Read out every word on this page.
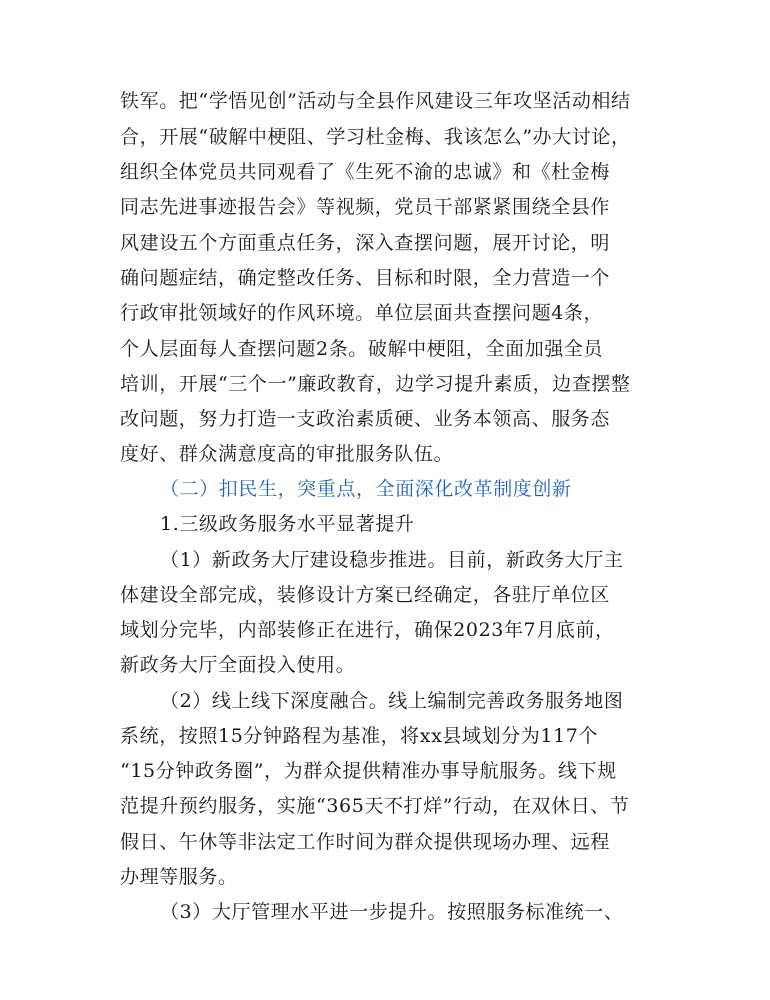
铁军。把“学悟见创”活动与全县作风建设三年攻坚活动相结
合，开展“破解中梗阻、学习杜金梅、我该怎么”办大讨论，
组织全体党员共同观看了《生死不渝的忠诚》和《杜金梅
同志先进事迹报告会》等视频，党员干部紧紧围绕全县作
风建设五个方面重点任务，深入查摆问题，展开讨论，明
确问题症结，确定整改任务、目标和时限，全力营造一个
行政审批领域好的作风环境。单位层面共查摆问题4条，
个人层面每人查摆问题2条。破解中梗阻，全面加强全员
培训，开展“三个一”廉政教育，边学习提升素质，边查摆整
改问题，努力打造一支政治素质硬、业务本领高、服务态
度好、群众满意度高的审批服务队伍。
（二）扣民生，突重点，全面深化改革制度创新
1.三级政务服务水平显著提升
（1）新政务大厅建设稳步推进。目前，新政务大厅主
体建设全部完成，装修设计方案已经确定，各驻厅单位区
域划分完毕，内部装修正在进行，确保2023年7月底前，
新政务大厅全面投入使用。
（2）线上线下深度融合。线上编制完善政务服务地图
系统，按照15分钟路程为基准，将xx县域划分为117个
“15分钟政务圈”，为群众提供精准办事导航服务。线下规
范提升预约服务，实施“365天不打烊”行动，在双休日、节
假日、午休等非法定工作时间为群众提供现场办理、远程
办理等服务。
（3）大厅管理水平进一步提升。按照服务标准统一、
